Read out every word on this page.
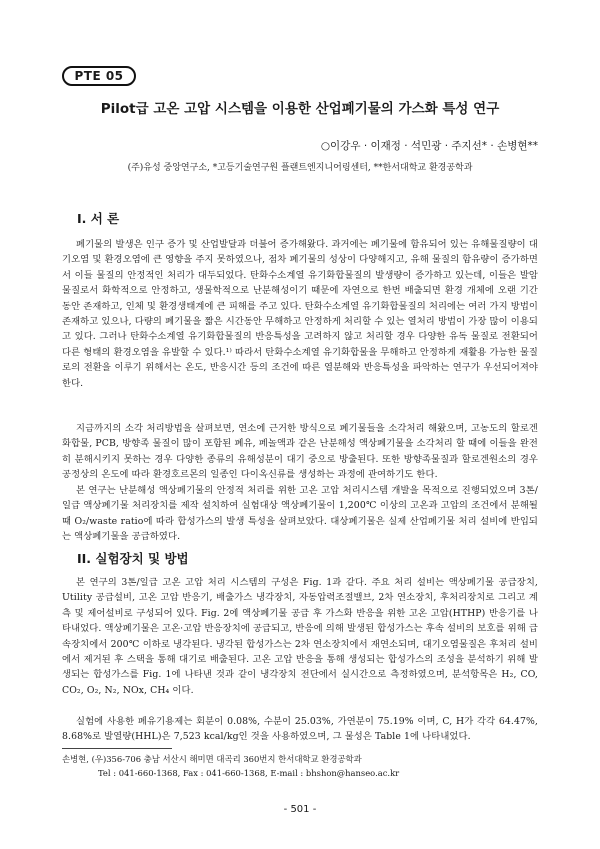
PTE 05
Pilot급 고온 고압 시스템을 이용한 산업폐기물의 가스화 특성 연구
○이강우 · 이재정 · 석민광 · 주지선* · 손병현**
(주)유성 중앙연구소, *고등기술연구원 플랜트엔지니어링센터, **한서대학교 환경공학과
I. 서 론

폐기물의 발생은 인구 증가 및 산업발달과 더불어 증가해왔다. 과거에는 폐기물에 함유되어 있는 유해물질량이 대기오염 및 환경오염에 큰 영향을 주지 못하였으나, 점차 폐기물의 성상이 다양해지고, 유해 물질의 함유량이 증가하면서 이들 물질의 안정적인 처리가 대두되었다. 탄화수소계열 유기화합물질의 발생량이 증가하고 있는데, 이들은 발암물질로서 화학적으로 안정하고, 생물학적으로 난분해성이기 때문에 자연으로 한번 배출되면 환경 개체에 오랜 기간 동안 존재하고, 인체 및 환경생태계에 큰 피해를 주고 있다. 탄화수소계열 유기화합물질의 처리에는 여러 가지 방법이 존재하고 있으나, 다량의 폐기물을 짧은 시간동안 무해하고 안정하게 처리할 수 있는 열처리 방법이 가장 많이 이용되고 있다. 그러나 탄화수소계열 유기화합물질의 반응특성을 고려하지 않고 처리할 경우 다양한 유독 물질로 전환되어 다른 형태의 환경오염을 유발할 수 있다.¹⁾ 따라서 탄화수소계열 유기화합물을 무해하고 안정하게 재활용 가능한 물질로의 전환을 이루기 위해서는 온도, 반응시간 등의 조건에 따른 열분해와 반응특성을 파악하는 연구가 우선되어져야 한다.

지금까지의 소각 처리방법을 살펴보면, 연소에 근거한 방식으로 폐기물들을 소각처리 해왔으며, 고농도의 할로겐화합물, PCB, 방향족 물질이 많이 포함된 폐유, 페놀액과 같은 난분해성 액상폐기물을 소각처리 할 때에 이들을 완전히 분해시키지 못하는 경우 다양한 종류의 유해성분이 대기 중으로 방출된다. 또한 방향족물질과 할로겐원소의 경우 공정상의 온도에 따라 환경호르몬의 일종인 다이옥신류를 생성하는 과정에 관여하기도 한다.

본 연구는 난분해성 액상폐기물의 안정적 처리를 위한 고온 고압 처리시스템 개발을 목적으로 진행되었으며 3톤/일급 액상폐기물 처리장치를 제작 설치하여 실험대상 액상폐기물이 1,200℃ 이상의 고온과 고압의 조건에서 분해될 때 O₂/waste ratio에 따라 합성가스의 발생 특성을 살펴보았다. 대상폐기물은 실제 산업폐기물 처리 설비에 반입되는 액상폐기물을 공급하였다.

II. 실험장치 및 방법

본 연구의 3톤/일급 고온 고압 처리 시스템의 구성은 Fig. 1과 같다. 주요 처리 설비는 액상폐기물 공급장치, Utility 공급설비, 고온 고압 반응기, 배출가스 냉각장치, 자동압력조절밸브, 2차 연소장치, 후처리장치로 그리고 계측 및 제어설비로 구성되어 있다. Fig. 2에 액상폐기물 공급 후 가스화 반응을 위한 고온 고압(HTHP) 반응기를 나타내었다. 액상폐기물은 고온·고압 반응장치에 공급되고, 반응에 의해 발생된 합성가스는 후속 설비의 보호를 위해 급속장치에서 200℃ 이하로 냉각된다. 냉각된 합성가스는 2차 연소장치에서 재연소되며, 대기오염물질은 후처리 설비에서 제거된 후 스택을 통해 대기로 배출된다. 고온 고압 반응을 통해 생성되는 합성가스의 조성을 분석하기 위해 발생되는 합성가스를 Fig. 1에 나타낸 것과 같이 냉각장치 전단에서 실시간으로 측정하였으며, 분석항목은 H₂, CO, CO₂, O₂, N₂, NOx, CH₄ 이다.

실험에 사용한 폐유기용제는 회분이 0.08%, 수분이 25.03%, 가연분이 75.19% 이며, C, H가 각각 64.47%, 8.68%로 발열량(HHL)은 7,523 kcal/kg인 것을 사용하였으며, 그 물성은 Table 1에 나타내었다.

손병현, (우)356-706 충남 서산시 해미면 대곡리 360번지 한서대학교 환경공학과
Tel : 041-660-1368, Fax : 041-660-1368, E-mail : bhshon@hanseo.ac.kr
- 501 -
